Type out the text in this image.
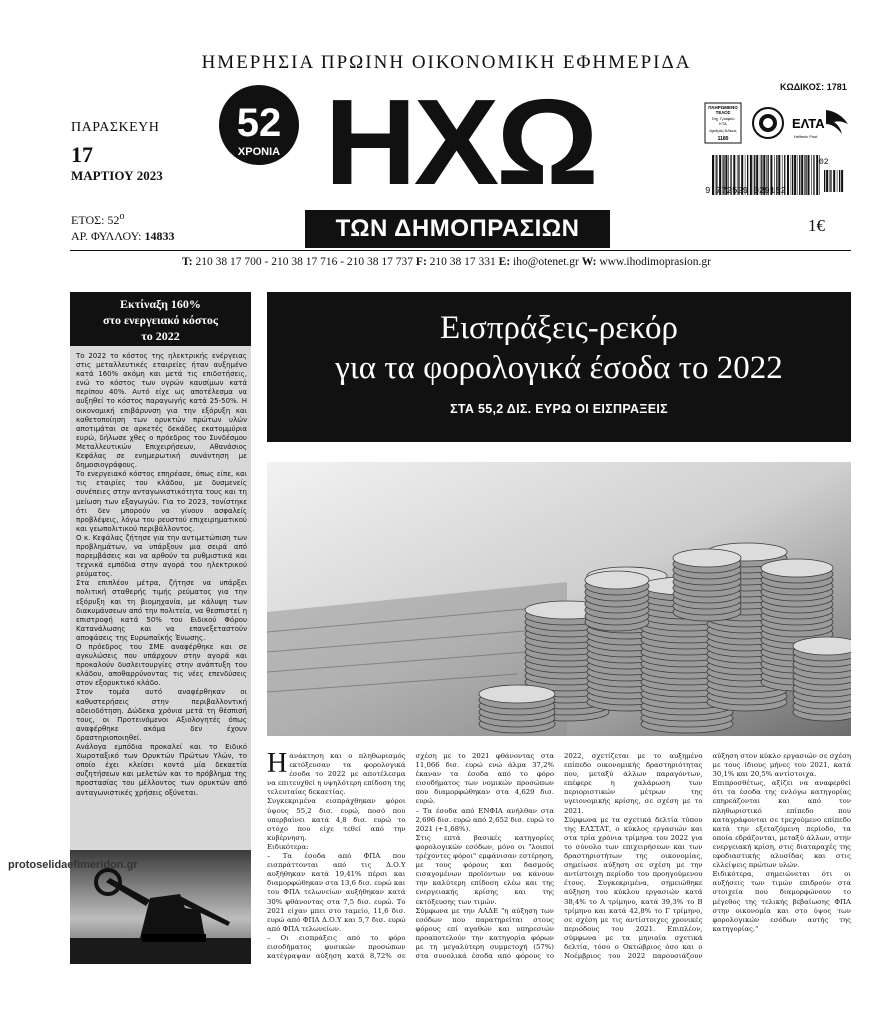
ΗΜΕΡΗΣΙΑ ΠΡΩΙΝΗ ΟΙΚΟΝΟΜΙΚΗ ΕΦΗΜΕΡΙΔΑ
ΠΑΡΑΣΚΕΥΗ
17
ΜΑΡΤΙΟΥ 2023
ΕΤΟΣ: $52^o$
ΑΡ. ΦΥΛΛΟΥ: 14833
52
ΧΡΟΝΙΑ ΗΧΩ
ΤΩΝ ΔΗΜΟΠΡΑΣΙΩΝ
ΚΩΔΙΚΟΣ: 1781
ΠΛΗΡΩΜΕΝΟ
ΤΕΛΟΣ
Ταχ. Γραφείο
ΚΤΑ
Αριθμός Άδειας
1180
ΕΛΤΑ
Hellenic Post
9 772529 029152
02
1€
T: 210 38 17 700 - 210 38 17 716 - 210 38 17 737 F: 210 38 17 331 E: iho@otenet.gr W: www.ihodimoprasion.gr
Εκτίναξη 160%
στο ενεργειακό κόστος
το 2022

Το 2022 το κόστος της ηλεκτρικής ενέργειας στις μεταλλευτικές εταιρείες ήταν αυξημένο κατά 160% ακόμη και μετά τις επιδοτήσεις, ενώ το κόστος των υγρών καυσίμων κατά περίπου 40%. Αυτό είχε ως αποτέλεσμα να αυξηθεί το κόστος παραγωγής κατά 25-50%. Η οικονομική επιβάρυνση για την εξόρυξη και καθετοποίηση των ορυκτών πρώτων υλών αποτιμάται σε αρκετές δεκάδες εκατομμύρια ευρώ, δήλωσε χθες ο πρόεδρος του Συνδέσμου Μεταλλευτικών Επιχειρήσεων, Αθανάσιος Κεφάλας σε ενημερωτική συνάντηση με δημοσιογράφους.

Το ενεργειακό κόστος επηρέασε, όπως είπε, και τις εταιρίες του κλάδου, με δυσμενείς συνέπειες στην ανταγωνιστικότητα τους και τη μείωση των εξαγωγών. Για το 2023, τονίστηκε ότι δεν μπορούν να γίνουν ασφαλείς προβλέψεις, λόγω του ρευστού επιχειρηματικού και γεωπολιτικού περιβάλλοντος.

Ο κ. Κεφάλας ζήτησε για την αντιμετώπιση των προβλημάτων, να υπάρξουν μια σειρά από παρεμβάσεις και να αρθούν τα ρυθμιστικά και τεχνικά εμπόδια στην αγορά του ηλεκτρικού ρεύματος.

Στα επιπλέον μέτρα, ζήτησε να υπάρξει πολιτική σταθερής τιμής ρεύματος για την εξόρυξη και τη βιομηχανία, με κάλυψη των διακυμάνσεων από την πολιτεία, να θεσπιστεί η επιστροφή κατά 50% του Ειδικού Φόρου Κατανάλωσης και να επανεξεταστούν αποφάσεις της Ευρωπαϊκής Ένωσης.

Ο πρόεδρος του ΣΜΕ αναφέρθηκε και σε αγκυλώσεις που υπάρχουν στην αγορά και προκαλούν δυσλειτουργίες στην ανάπτυξη του κλάδου, αποθαρρύνοντας τις νέες επενδύσεις στον εξορυκτικό κλάδο.

Στον τομέα αυτό αναφέρθηκαν οι καθυστερήσεις στην περιβαλλοντική αδειοδότηση. Δώδεκα χρόνια μετά τη θέσπισή τους, οι Προτεινόμενοι Αξιολογητές όπως αναφέρθηκε ακόμα δεν έχουν δραστηριοποιηθεί.

Ανάλογα εμπόδια προκαλεί και το Ειδικό Χωροταξικό των Ορυκτών Πρώτων Υλών, το οποίο έχει κλείσει κοντά μία δεκαετία συζητήσεων και μελετών και το πρόβλημα της προστασίας του μέλλοντος των ορυκτών από ανταγωνιστικές χρήσεις οξύνεται.

protoselidaefimeridon.gr
Εισπράξεις-ρεκόρ
για τα φορολογικά έσοδα το 2022
ΣΤΑ 55,2 ΔΙΣ. ΕΥΡΩ ΟΙ ΕΙΣΠΡΑΞΕΙΣ

Ηανάκτηση και ο πληθωρισμός εκτόξευσαν τα φορολογικά έσοδα το 2022 με αποτέλεσμα να επιτευχθεί η υψηλότερη επίδοση της τελευταίας δεκαετίας.

Συγκεκριμένα εισπράχθηκαν φόροι ύψους 55,2 δισ. ευρώ, ποσό που υπερβαίνει κατά 4,8 δισ. ευρώ το στόχο που είχε τεθεί από την κυβέρνηση.

Ειδικότερα:

– Τα έσοδα από ΦΠΑ που εισπράττονται από τις Δ.Ο.Υ αυξήθηκαν κατά 19,41% πέρσι και διαμορφώθηκαν στα 13,6 δισ. ευρώ και του ΦΠΑ τελωνείων αυξήθηκαν κατά 30% φθάνοντας στα 7,5 δισ. ευρώ. Το 2021 είχαν μπει στο ταμείο, 11,6 δισ. ευρώ από ΦΠΑ Δ.Ο.Υ και 5,7 δισ. ευρώ από ΦΠΑ τελωνείων.

– Οι εισπράξεις από το φόρο εισοδήματος φυσικών προσώπων κατέγραψαν αύξηση κατά 8,72% σε σχέση με το 2021 φθάνοντας στα 11,066 δισ. ευρώ ενώ άλμα 37,2% έκαναν τα έσοδα από το φόρο εισοδήματος των νομικών προσώπων που διαμορφώθηκαν στα 4,629 δισ. ευρώ.

– Τα έσοδα από ΕΝΦΙΑ ανήλθαν στα 2,696 δισ. ευρώ από 2,652 δισ. ευρώ το 2021 (+1,68%).

Στις επτά βασικές κατηγορίες φορολογικών εσόδων, μόνο οι "λοιποί τρέχοντες φόροι" εμφάνισαν εστέρηση, με τους φόρους και δασμούς εισαγομένων προϊόντων να κάνουν την καλύτερη επίδοση ελέω και της ενεργειακής κρίσης και της εκτόξευσης των τιμών.

Σύμφωνα με την ΑΑΔΕ "η αύξηση των εσόδων που παρατηρείται στους φόρους επί αγαθών και υπηρεσιών προαποτελούν την κατηγορία φόρων με τη μεγαλύτερη συμμετοχή (57%) στα συνολικά έσοδα από φόρους το 2022, σχετίζεται με το αυξημένο επίπεδο οικονομικής δραστηριότητας που, μεταξύ άλλων παραγόντων, επέφερε η χαλάρωση των περιοριστικών μέτρων της υγειονομικής κρίσης, σε σχέση με το 2021.

Σύμφωνα με τα σχετικά δελτία τύπου της ΕΛΣΤΑΤ, ο κύκλος εργασιών και στα τρία χρόνια τρίμηνα του 2022 για το σύνολο των επιχειρήσεων και των δραστηριοτήτων της οικονομίας, σημείωσε αύξηση σε σχέση με την αντίστοιχη περίοδο του προηγούμενου έτους. Συγκεκριμένα, σημειώθηκε αύξηση του κύκλου εργασιών κατά 38,4% το Α τρίμηνο, κατά 39,3% το Β τρίμηνο και κατά 42,8% το Γ τρίμηνο, σε σχέση με τις αντίστοιχες χρονικές περιόδους του 2021. Επιπλέον, σύμφωνα με τα μηνιαία σχετικά δελτία, τόσο ο Οκτώβριος όσο και ο Νοέμβριος του 2022 παρουσιάζουν αύξηση στον κύκλο εργασιών σε σχέση με τους ίδιους μήνες του 2021, κατά 30,1% και 20,5% αντίστοιχα.

Επιπροσθέτως, αξίζει να αναφερθεί ότι τα έσοδα της ενλόγω κατηγορίας επηρεάζονται και από τον πληθωριστικό επίπεδο που καταγράφονται σε τρεχούμενο επίπεδο κατά την εξεταζόμενη περίοδο, τα οποία εδράζονται, μεταξύ άλλων, στην ενεργειακή κρίση, στις διαταραχές της εφοδιαστικής αλυσίδας και στις ελλείψεις πρώτων υλών.

Ειδικότερα, σημειώνεται ότι οι αυξήσεις των τιμών επιδρούν στα στοιχεία που διαμορφώνουν το μέγεθος της τελικής βεβαίωσης ΦΠΑ στην οικονομία και στο ύψος των φορολογικών εσόδων αυτής της κατηγορίας."
